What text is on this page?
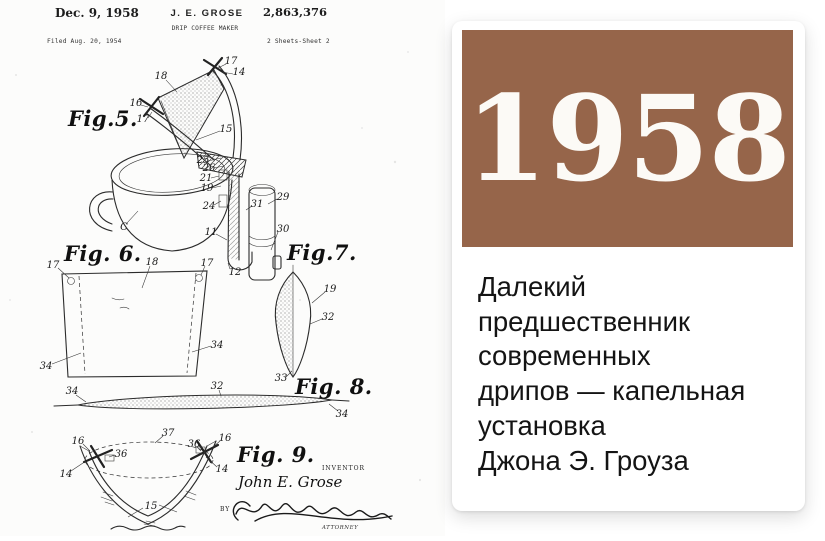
Dec. 9, 1958	J. E. GROSE
DRIP COFFEE MAKER
2,863,376
Filed Aug. 20, 1954	2 Sheets-Sheet 2
Fig.5.
17
14
18
16
17
15
25
26
21
19
24
29
31
30
11
12
C
Fig. 6.
17	18	17
34
34
Fig.7.
19
32
33 Fig. 8.
34	32
34
Fig. 9.
37
36
36
16	16
14	14
15
INVENTOR
John E. Grose
BY
ATTORNEY
1958
Далекий
предшественник
современных
дрипов — капельная
установка
Джона Э. Гроуза
